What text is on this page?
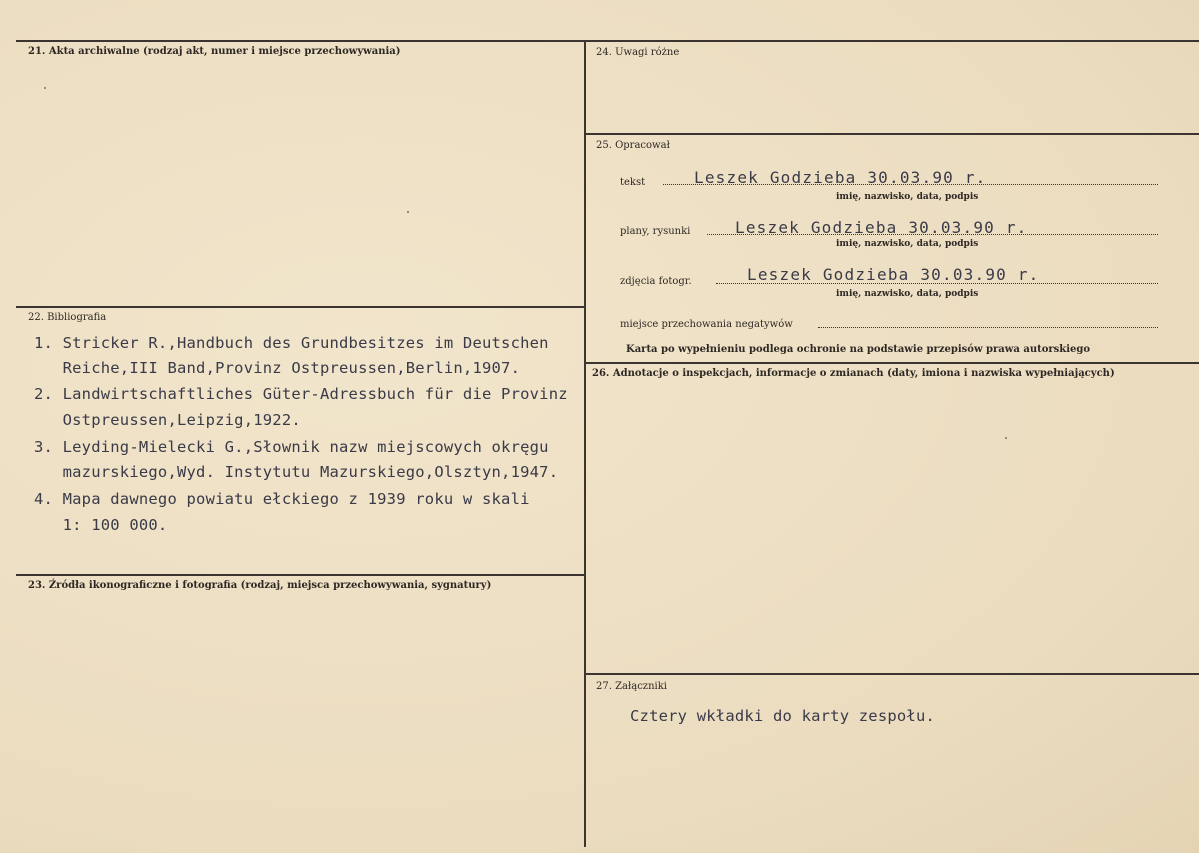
21. Akta archiwalne (rodzaj akt, numer i miejsce przechowywania)
22. Bibliografia
1. Stricker R.,Handbuch des Grundbesitzes im Deutschen
Reiche,III Band,Provinz Ostpreussen,Berlin,1907.
2. Landwirtschaftliches Güter-Adressbuch für die Provinz
Ostpreussen,Leipzig,1922.
3. Leyding-Mielecki G.,Słownik nazw miejscowych okręgu
mazurskiego,Wyd. Instytutu Mazurskiego,Olsztyn,1947.
4. Mapa dawnego powiatu ełckiego z 1939 roku w skali
1: 100 000.
23. Źródła ikonograficzne i fotografia (rodzaj, miejsca przechowywania, sygnatury)
24. Uwagi różne
25. Opracował
tekst	Leszek Godzieba 30.03.90 r.
imię, nazwisko, data, podpis
plany, rysunki	Leszek Godzieba 30.03.90 r.
imię, nazwisko, data, podpis
zdjęcia fotogr.	Leszek Godzieba 30.03.90 r.
imię, nazwisko, data, podpis
miejsce przechowania negatywów
Karta po wypełnieniu podlega ochronie na podstawie przepisów prawa autorskiego
26. Adnotacje o inspekcjach, informacje o zmianach (daty, imiona i nazwiska wypełniających)
27. Załączniki
Cztery wkładki do karty zespołu.
